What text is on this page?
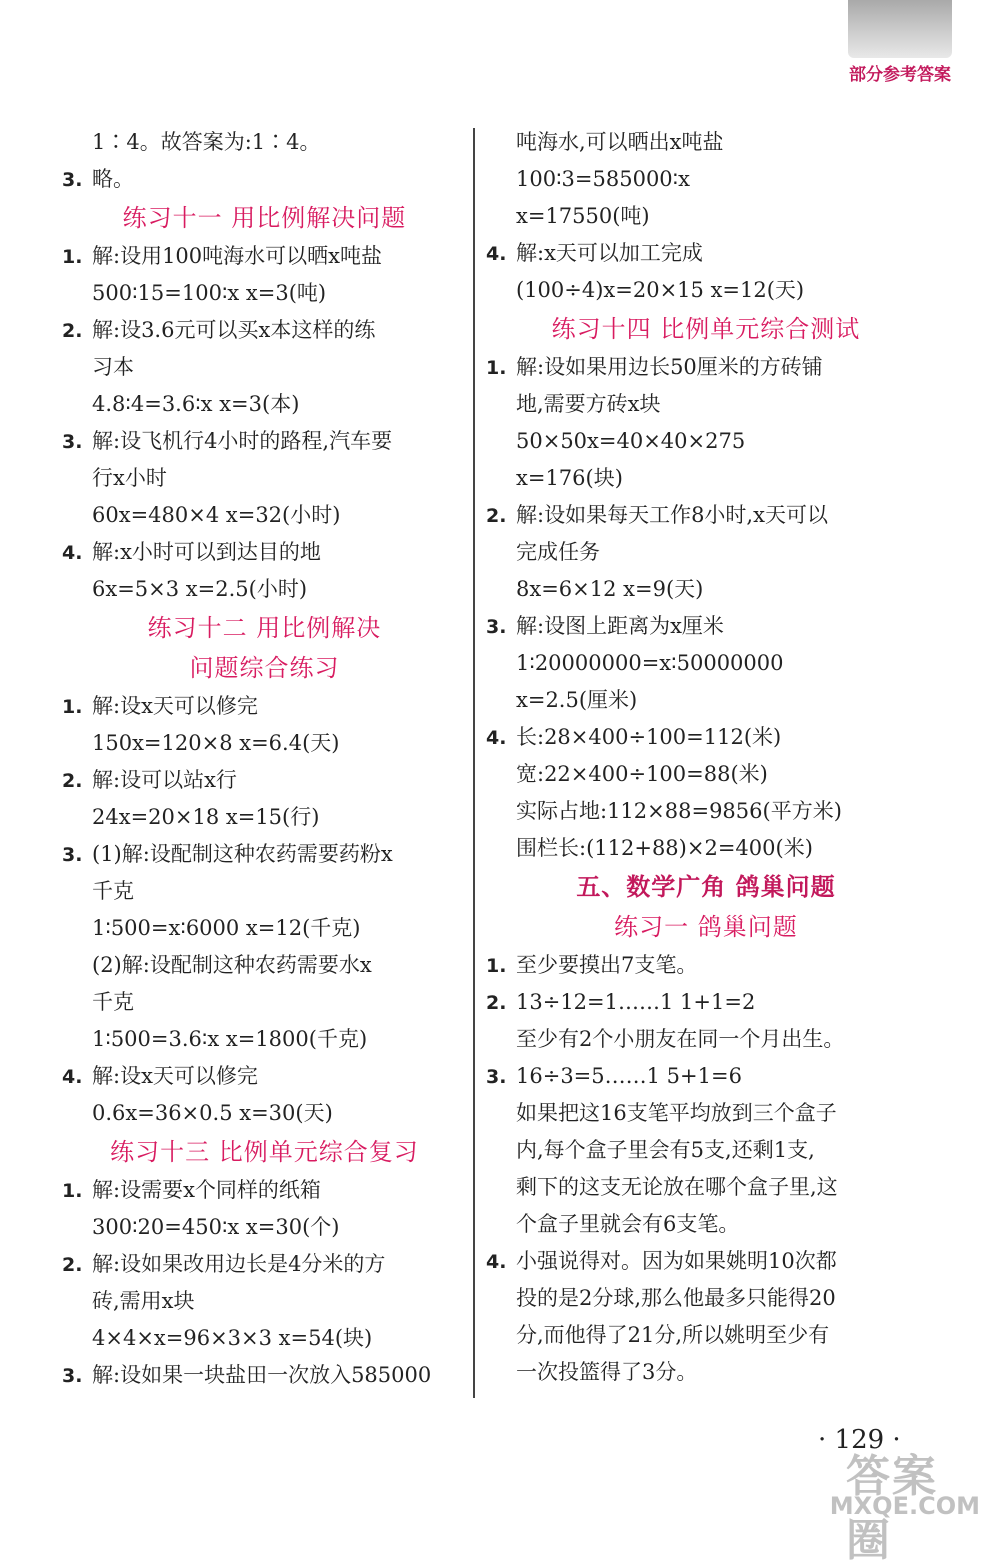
部分参考答案
1∶4。故答案为:1∶4。
3. 略。
练习十一 用比例解决问题
1. 解:设用100吨海水可以晒x吨盐
500∶15=100∶x x=3(吨)
2. 解:设3.6元可以买x本这样的练
习本
4.8∶4=3.6∶x x=3(本)
3. 解:设飞机行4小时的路程,汽车要
行x小时
60x=480×4 x=32(小时)
4. 解:x小时可以到达目的地
6x=5×3 x=2.5(小时)
练习十二 用比例解决
问题综合练习
1. 解:设x天可以修完
150x=120×8 x=6.4(天)
2. 解:设可以站x行
24x=20×18 x=15(行)
3. (1)解:设配制这种农药需要药粉x
千克
1∶500=x∶6000 x=12(千克)
(2)解:设配制这种农药需要水x
千克
1∶500=3.6∶x x=1800(千克)
4. 解:设x天可以修完
0.6x=36×0.5 x=30(天)
练习十三 比例单元综合复习
1. 解:设需要x个同样的纸箱
300∶20=450∶x x=30(个)
2. 解:设如果改用边长是4分米的方
砖,需用x块
4×4×x=96×3×3 x=54(块)
3. 解:设如果一块盐田一次放入585000
吨海水,可以晒出x吨盐
100∶3=585000∶x
x=17550(吨)
4. 解:x天可以加工完成
(100÷4)x=20×15 x=12(天)
练习十四 比例单元综合测试
1. 解:设如果用边长50厘米的方砖铺
地,需要方砖x块
50×50x=40×40×275
x=176(块)
2. 解:设如果每天工作8小时,x天可以
完成任务
8x=6×12 x=9(天)
3. 解:设图上距离为x厘米
1∶20000000=x∶50000000
x=2.5(厘米)
4. 长:28×400÷100=112(米)
宽:22×400÷100=88(米)
实际占地:112×88=9856(平方米)
围栏长:(112+88)×2=400(米)
五、数学广角 鸽巢问题
练习一 鸽巢问题
1. 至少要摸出7支笔。
2. 13÷12=1……1 1+1=2
至少有2个小朋友在同一个月出生。
3. 16÷3=5……1 5+1=6
如果把这16支笔平均放到三个盒子
内,每个盒子里会有5支,还剩1支,
剩下的这支无论放在哪个盒子里,这
个盒子里就会有6支笔。
4. 小强说得对。因为如果姚明10次都
投的是2分球,那么他最多只能得20
分,而他得了21分,所以姚明至少有
一次投篮得了3分。
· 129 ·
答案圈
MXQE.COM
